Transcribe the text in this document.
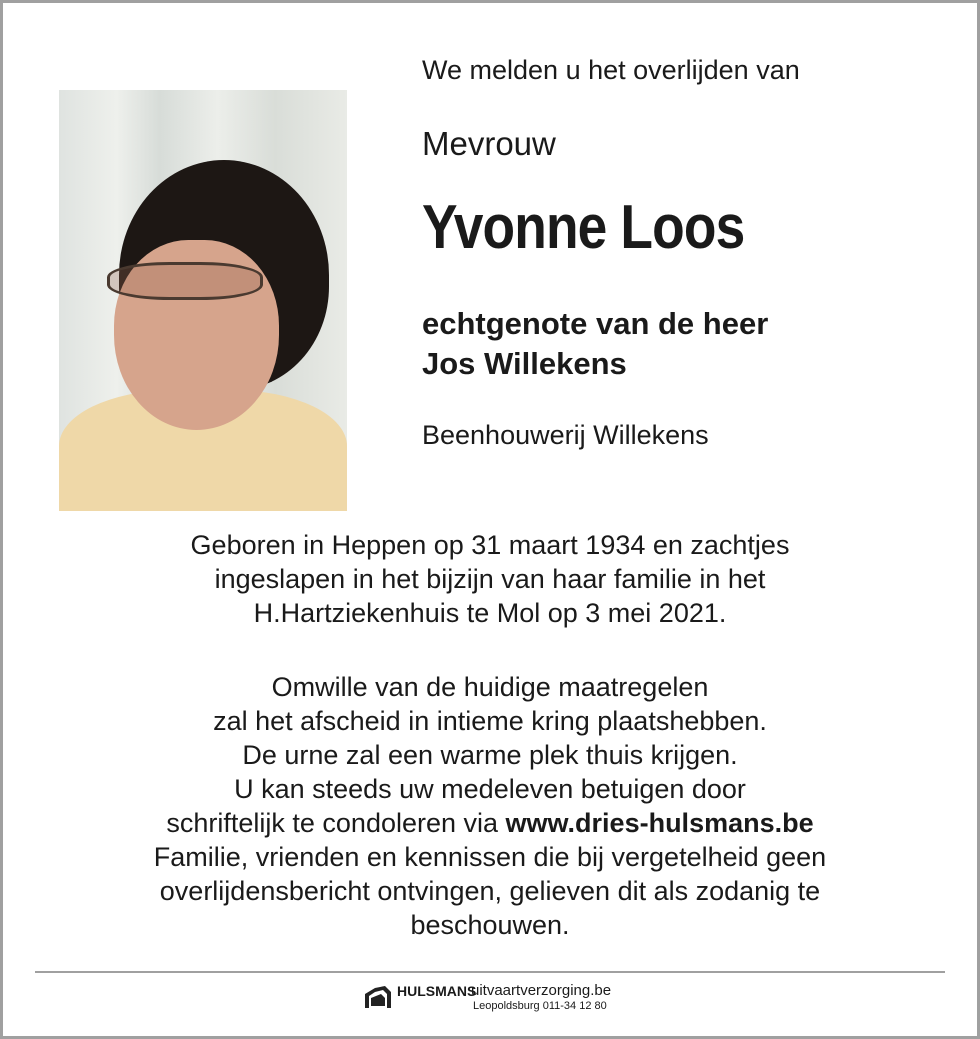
We melden u het overlijden van
Mevrouw
Yvonne Loos
echtgenote van de heer
Jos Willekens
Beenhouwerij Willekens
Geboren in Heppen op 31 maart 1934 en zachtjes
ingeslapen in het bijzijn van haar familie in het
H.Hartziekenhuis te Mol op 3 mei 2021.
Omwille van de huidige maatregelen
zal het afscheid in intieme kring plaatshebben.
De urne zal een warme plek thuis krijgen.
U kan steeds uw medeleven betuigen door
schriftelijk te condoleren via www.dries-hulsmans.be
Familie, vrienden en kennissen die bij vergetelheid geen
overlijdensbericht ontvingen, gelieven dit als zodanig te
beschouwen.
HULSMANS
uitvaartverzorging.be
Leopoldsburg 011-34 12 80
